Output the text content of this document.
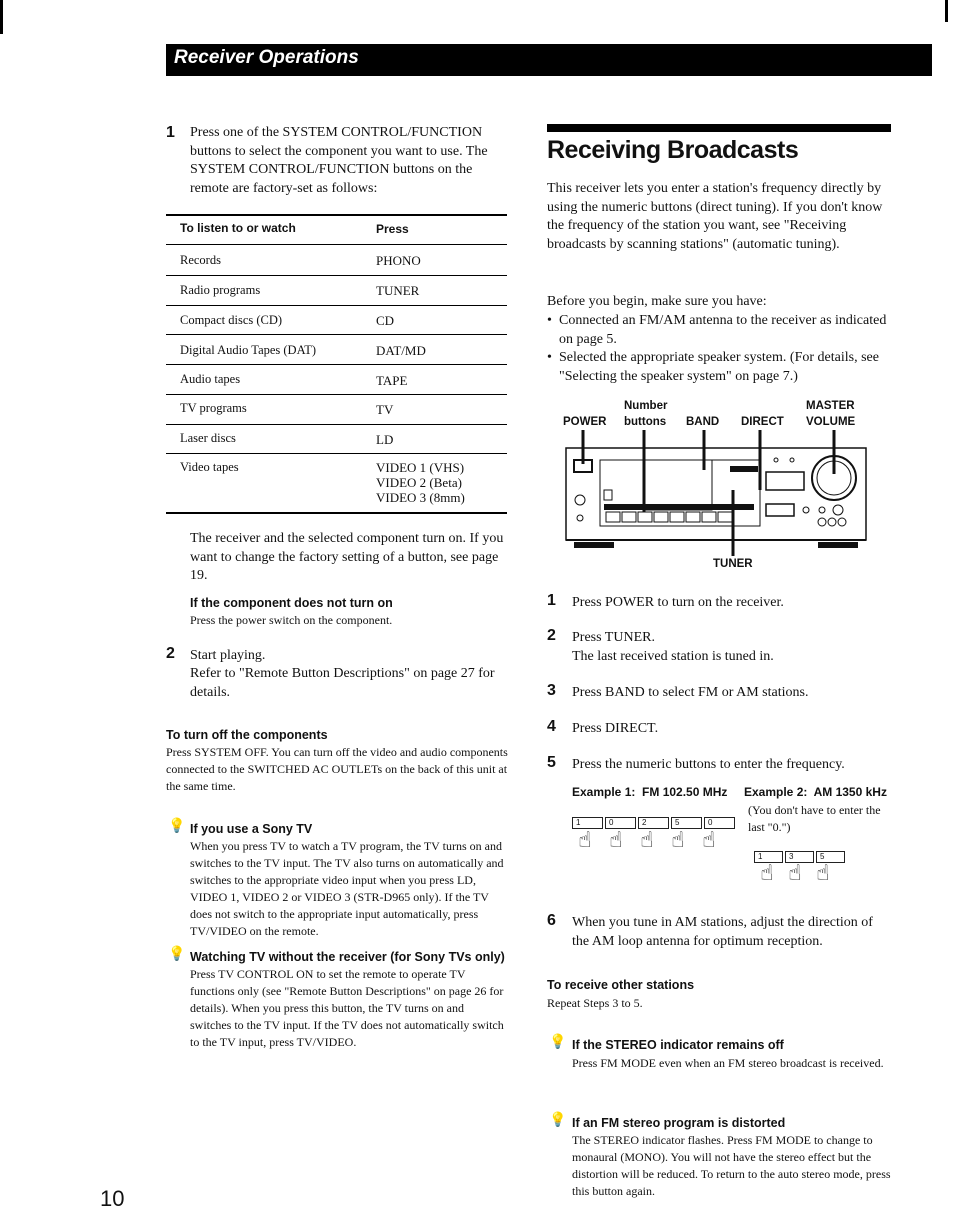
Receiver Operations
1 Press one of the SYSTEM CONTROL/FUNCTION buttons to select the component you want to use. The SYSTEM CONTROL/FUNCTION buttons on the remote are factory-set as follows:
To listen to or watch	Press
Records	PHONO
Radio programs	TUNER
Compact discs (CD)	CD
Digital Audio Tapes (DAT)	DAT/MD
Audio tapes	TAPE
TV programs	TV
Laser discs	LD
Video tapes	VIDEO 1 (VHS)
VIDEO 2 (Beta)
VIDEO 3 (8mm)
The receiver and the selected component turn on. If you want to change the factory setting of a button, see page 19.
If the component does not turn on
Press the power switch on the component.
2 Start playing.
Refer to "Remote Button Descriptions" on page 27 for details.
To turn off the components
Press SYSTEM OFF. You can turn off the video and audio components connected to the SWITCHED AC OUTLETs on the back of this unit at the same time.
💡 If you use a Sony TV
When you press TV to watch a TV program, the TV turns on and switches to the TV input. The TV also turns on automatically and switches to the appropriate video input when you press LD, VIDEO 1, VIDEO 2 or VIDEO 3 (STR-D965 only). If the TV does not switch to the appropriate input automatically, press TV/VIDEO on the remote.
💡 Watching TV without the receiver (for Sony TVs only)
Press TV CONTROL ON to set the remote to operate TV functions only (see "Remote Button Descriptions" on page 26 for details). When you press this button, the TV turns on and switches to the TV input. If the TV does not automatically switch to the TV input, press TV/VIDEO.
Receiving Broadcasts
This receiver lets you enter a station's frequency directly by using the numeric buttons (direct tuning). If you don't know the frequency of the station you want, see "Receiving broadcasts by scanning stations" (automatic tuning).
Before you begin, make sure you have:
• Connected an FM/AM antenna to the receiver as indicated on page 5.
• Selected the appropriate speaker system. (For details, see "Selecting the speaker system" on page 7.)
Number	MASTER
POWER buttons BAND DIRECT VOLUME
TUNER
1 Press POWER to turn on the receiver.
2 Press TUNER.
The last received station is tuned in.
3 Press BAND to select FM or AM stations.
4 Press DIRECT.
5 Press the numeric buttons to enter the frequency.
Example 1:  FM 102.50 MHz Example 2:  AM 1350 kHz
1	0	2	5	0
☝ ☝ ☝ ☝ ☝
(You don't have to enter the last "0.")
1	3	5
☝ ☝ ☝
6 When you tune in AM stations, adjust the direction of the AM loop antenna for optimum reception.
To receive other stations
Repeat Steps 3 to 5.
💡 If the STEREO indicator remains off
Press FM MODE even when an FM stereo broadcast is received.
💡 If an FM stereo program is distorted
The STEREO indicator flashes. Press FM MODE to change to monaural (MONO). You will not have the stereo effect but the distortion will be reduced. To return to the auto stereo mode, press this button again.
10
